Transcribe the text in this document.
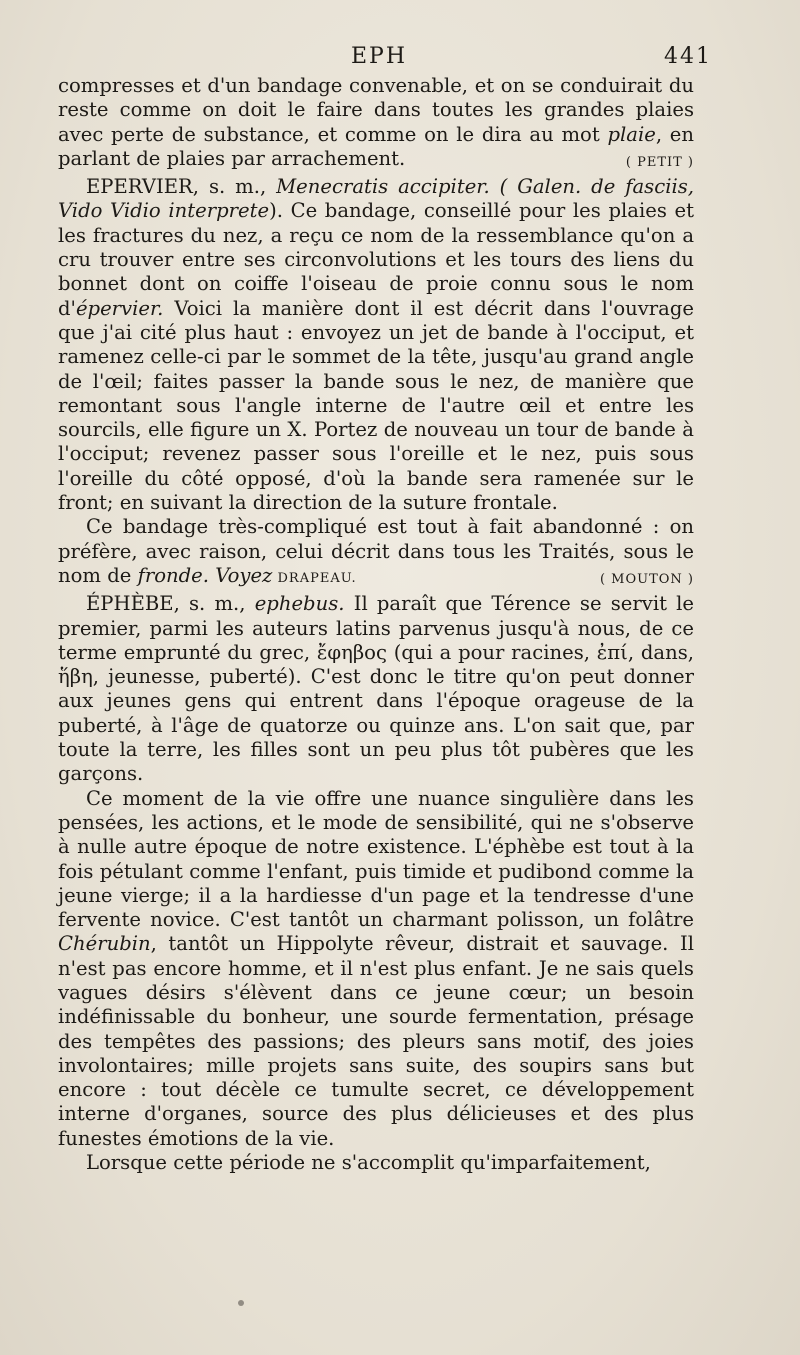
EPH	441

compresses et d'un bandage convenable, et on se conduirait du reste comme on doit le faire dans toutes les grandes plaies avec perte de substance, et comme on le dira au mot plaie, en parlant de plaies par arrachement.	( PETIT )

EPERVIER, s. m., Menecratis accipiter. ( Galen. de fasciis, Vido Vidio interprete). Ce bandage, conseillé pour les plaies et les fractures du nez, a reçu ce nom de la ressemblance qu'on a cru trouver entre ses circonvolutions et les tours des liens du bonnet dont on coiffe l'oiseau de proie connu sous le nom d'épervier. Voici la manière dont il est décrit dans l'ouvrage que j'ai cité plus haut : envoyez un jet de bande à l'occiput, et ramenez celle-ci par le sommet de la tête, jusqu'au grand angle de l'œil; faites passer la bande sous le nez, de manière que remontant sous l'angle interne de l'autre œil et entre les sourcils, elle figure un X. Portez de nouveau un tour de bande à l'occiput; revenez passer sous l'oreille et le nez, puis sous l'oreille du côté opposé, d'où la bande sera ramenée sur le front; en suivant la direction de la suture frontale.

Ce bandage très-compliqué est tout à fait abandonné : on préfère, avec raison, celui décrit dans tous les Traités, sous le nom de fronde. Voyez DRAPEAU.	( MOUTON )

ÉPHÈBE, s. m., ephebus. Il paraît que Térence se servit le premier, parmi les auteurs latins parvenus jusqu'à nous, de ce terme emprunté du grec, ἔφηβος (qui a pour racines, ἐπί, dans, ἥβη, jeunesse, puberté). C'est donc le titre qu'on peut donner aux jeunes gens qui entrent dans l'époque orageuse de la puberté, à l'âge de quatorze ou quinze ans. L'on sait que, par toute la terre, les filles sont un peu plus tôt pubères que les garçons.

Ce moment de la vie offre une nuance singulière dans les pensées, les actions, et le mode de sensibilité, qui ne s'observe à nulle autre époque de notre existence. L'éphèbe est tout à la fois pétulant comme l'enfant, puis timide et pudibond comme la jeune vierge; il a la hardiesse d'un page et la tendresse d'une fervente novice. C'est tantôt un charmant polisson, un folâtre Chérubin, tantôt un Hippolyte rêveur, distrait et sauvage. Il n'est pas encore homme, et il n'est plus enfant. Je ne sais quels vagues désirs s'élèvent dans ce jeune cœur; un besoin indéfinissable du bonheur, une sourde fermentation, présage des tempêtes des passions; des pleurs sans motif, des joies involontaires; mille projets sans suite, des soupirs sans but encore : tout décèle ce tumulte secret, ce développement interne d'organes, source des plus délicieuses et des plus funestes émotions de la vie.

Lorsque cette période ne s'accomplit qu'imparfaitement,
